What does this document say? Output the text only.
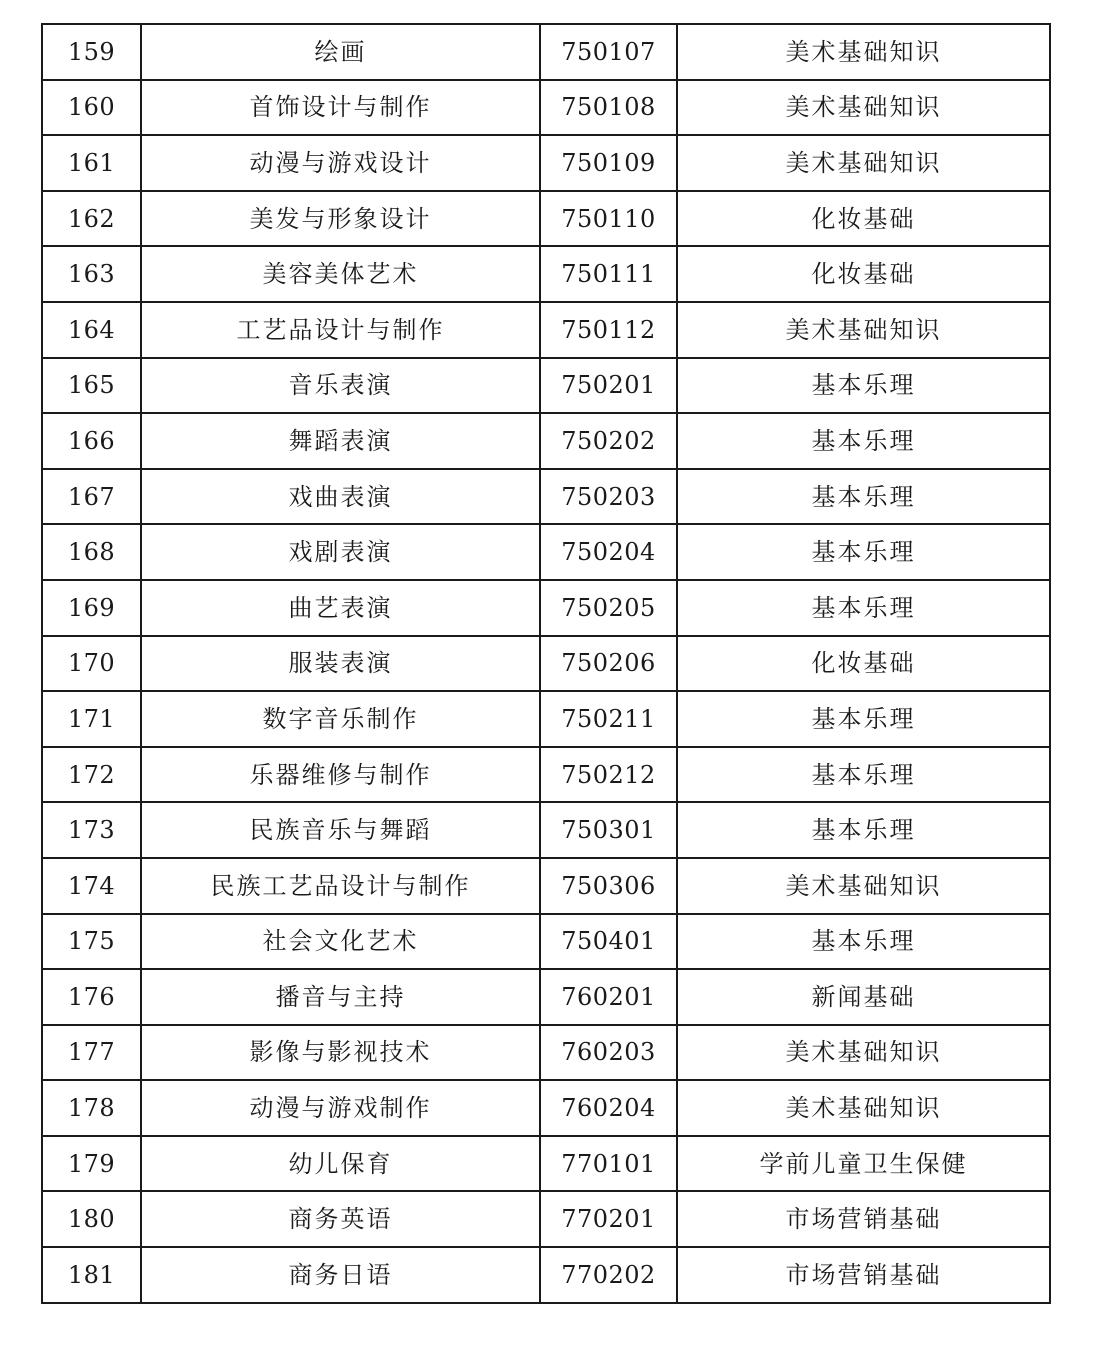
159	绘画	750107	美术基础知识
160	首饰设计与制作	750108	美术基础知识
161	动漫与游戏设计	750109	美术基础知识
162	美发与形象设计	750110	化妆基础
163	美容美体艺术	750111	化妆基础
164	工艺品设计与制作	750112	美术基础知识
165	音乐表演	750201	基本乐理
166	舞蹈表演	750202	基本乐理
167	戏曲表演	750203	基本乐理
168	戏剧表演	750204	基本乐理
169	曲艺表演	750205	基本乐理
170	服装表演	750206	化妆基础
171	数字音乐制作	750211	基本乐理
172	乐器维修与制作	750212	基本乐理
173	民族音乐与舞蹈	750301	基本乐理
174	民族工艺品设计与制作	750306	美术基础知识
175	社会文化艺术	750401	基本乐理
176	播音与主持	760201	新闻基础
177	影像与影视技术	760203	美术基础知识
178	动漫与游戏制作	760204	美术基础知识
179	幼儿保育	770101	学前儿童卫生保健
180	商务英语	770201	市场营销基础
181	商务日语	770202	市场营销基础
